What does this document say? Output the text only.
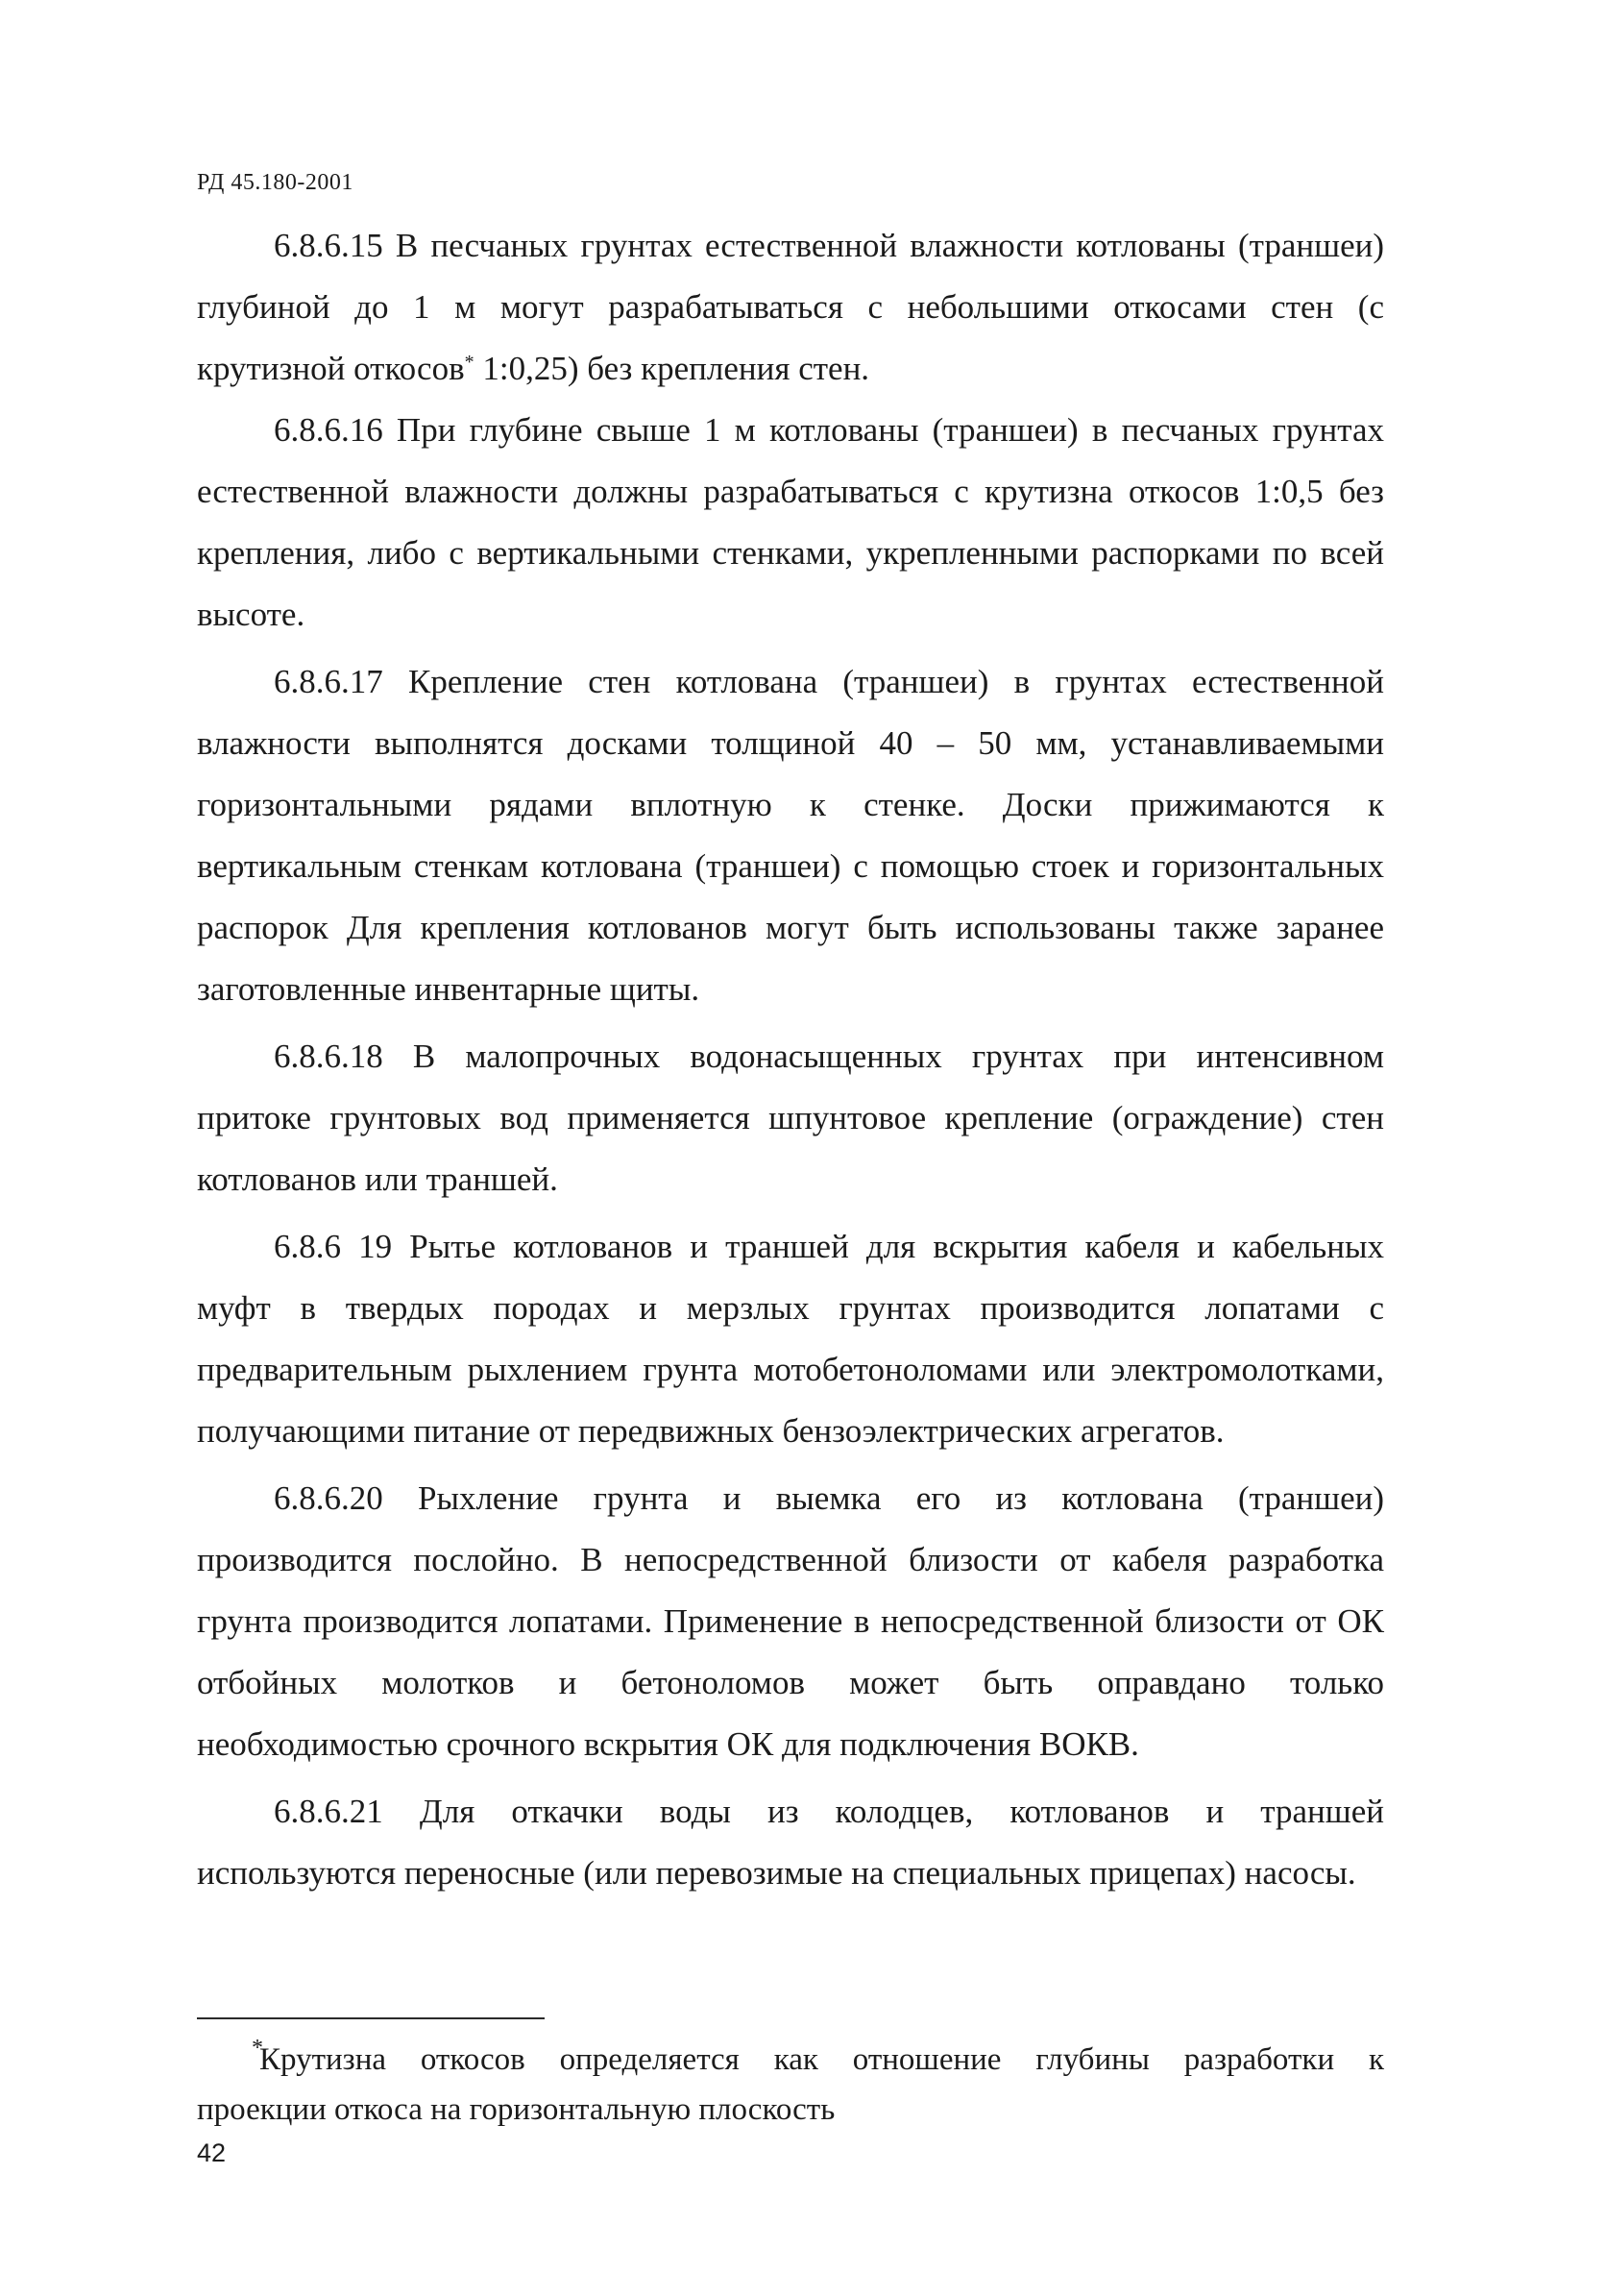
РД 45.180-2001
6.8.6.15 В песчаных грунтах естественной влажности котлованы (траншеи)
глубиной до 1 м могут разрабатываться с небольшими откосами стен (с
крутизной откосов* 1:0,25) без крепления стен.
6.8.6.16 При глубине свыше 1 м котлованы (траншеи) в песчаных грунтах
естественной влажности должны разрабатываться с крутизна откосов 1:0,5 без
крепления, либо с вертикальными стенками, укрепленными распорками по всей
высоте.
6.8.6.17 Крепление стен котлована (траншеи) в грунтах естественной
влажности выполнятся досками толщиной 40 – 50 мм, устанавливаемыми
горизонтальными рядами вплотную к стенке. Доски прижимаются к
вертикальным стенкам котлована (траншеи) с помощью стоек и горизонтальных
распорок Для крепления котлованов могут быть использованы также заранее
заготовленные инвентарные щиты.
6.8.6.18 В малопрочных водонасыщенных грунтах при интенсивном
притоке грунтовых вод применяется шпунтовое крепление (ограждение) стен
котлованов или траншей.
6.8.6 19 Рытье котлованов и траншей для вскрытия кабеля и кабельных
муфт в твердых породах и мерзлых грунтах производится лопатами с
предварительным рыхлением грунта мотобетоноломами или электромолотками,
получающими питание от передвижных бензоэлектрических агрегатов.
6.8.6.20 Рыхление грунта и выемка его из котлована (траншеи)
производится послойно. В непосредственной близости от кабеля разработка
грунта производится лопатами. Применение в непосредственной близости от ОК
отбойных молотков и бетоноломов может быть оправдано только
необходимостью срочного вскрытия ОК для подключения ВОКВ.
6.8.6.21 Для откачки воды из колодцев, котлованов и траншей
используются переносные (или перевозимые на специальных прицепах) насосы.
*
Крутизна откосов определяется как отношение глубины разработки к
проекции откоса на горизонтальную плоскость
42
